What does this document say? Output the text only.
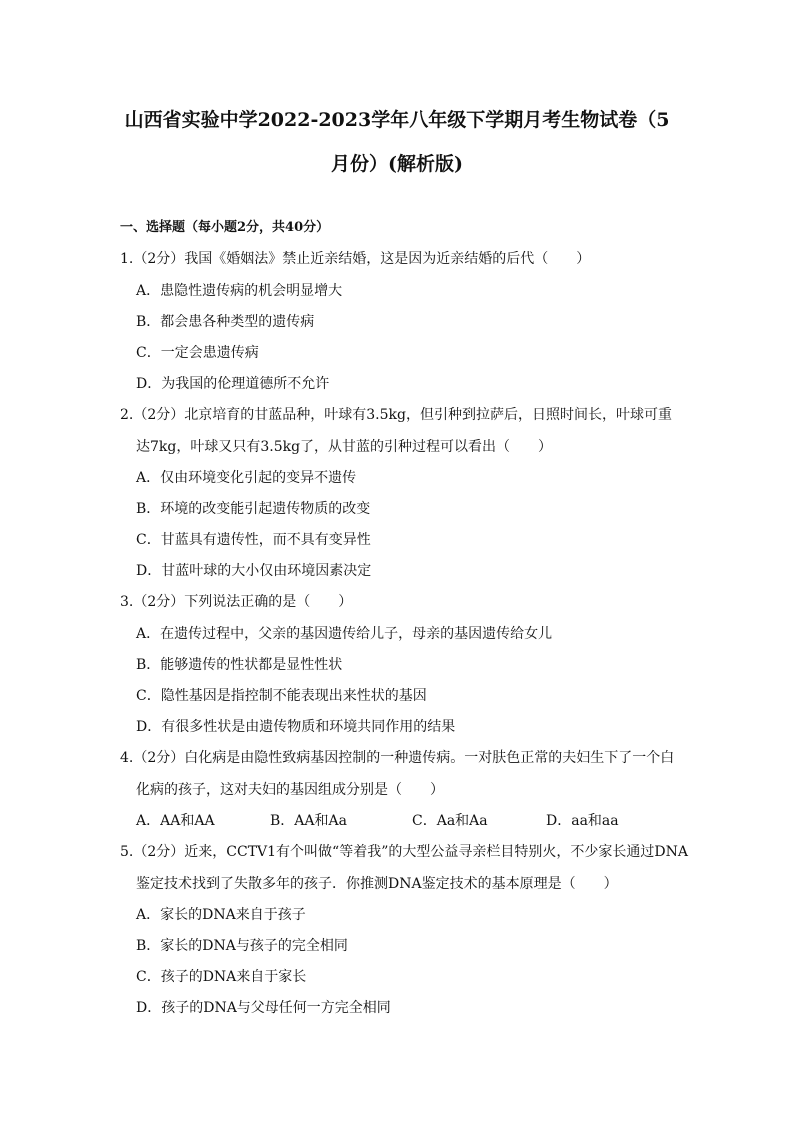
山西省实验中学2022-2023学年八年级下学期月考生物试卷（5
月份）(解析版)
一、选择题（每小题2分，共40分）
1.（2分）我国《婚姻法》禁止近亲结婚，这是因为近亲结婚的后代（　　）
A．患隐性遗传病的机会明显增大
B．都会患各种类型的遗传病
C．一定会患遗传病
D．为我国的伦理道德所不允许
2.（2分）北京培育的甘蓝品种，叶球有3.5kg，但引种到拉萨后，日照时间长，叶球可重
达7kg，叶球又只有3.5kg了，从甘蓝的引种过程可以看出（　　）
A．仅由环境变化引起的变异不遗传
B．环境的改变能引起遗传物质的改变
C．甘蓝具有遗传性，而不具有变异性
D．甘蓝叶球的大小仅由环境因素决定
3.（2分）下列说法正确的是（　　）
A．在遗传过程中，父亲的基因遗传给儿子，母亲的基因遗传给女儿
B．能够遗传的性状都是显性性状
C．隐性基因是指控制不能表现出来性状的基因
D．有很多性状是由遗传物质和环境共同作用的结果
4.（2分）白化病是由隐性致病基因控制的一种遗传病。一对肤色正常的夫妇生下了一个白
化病的孩子，这对夫妇的基因组成分别是（　　）
A．AA和AA	B．AA和Aa	C．Aa和Aa	D．aa和aa
5.（2分）近来，CCTV1有个叫做“等着我”的大型公益寻亲栏目特别火，不少家长通过DNA
鉴定技术找到了失散多年的孩子．你推测DNA鉴定技术的基本原理是（　　）
A．家长的DNA来自于孩子
B．家长的DNA与孩子的完全相同
C．孩子的DNA来自于家长
D．孩子的DNA与父母任何一方完全相同
